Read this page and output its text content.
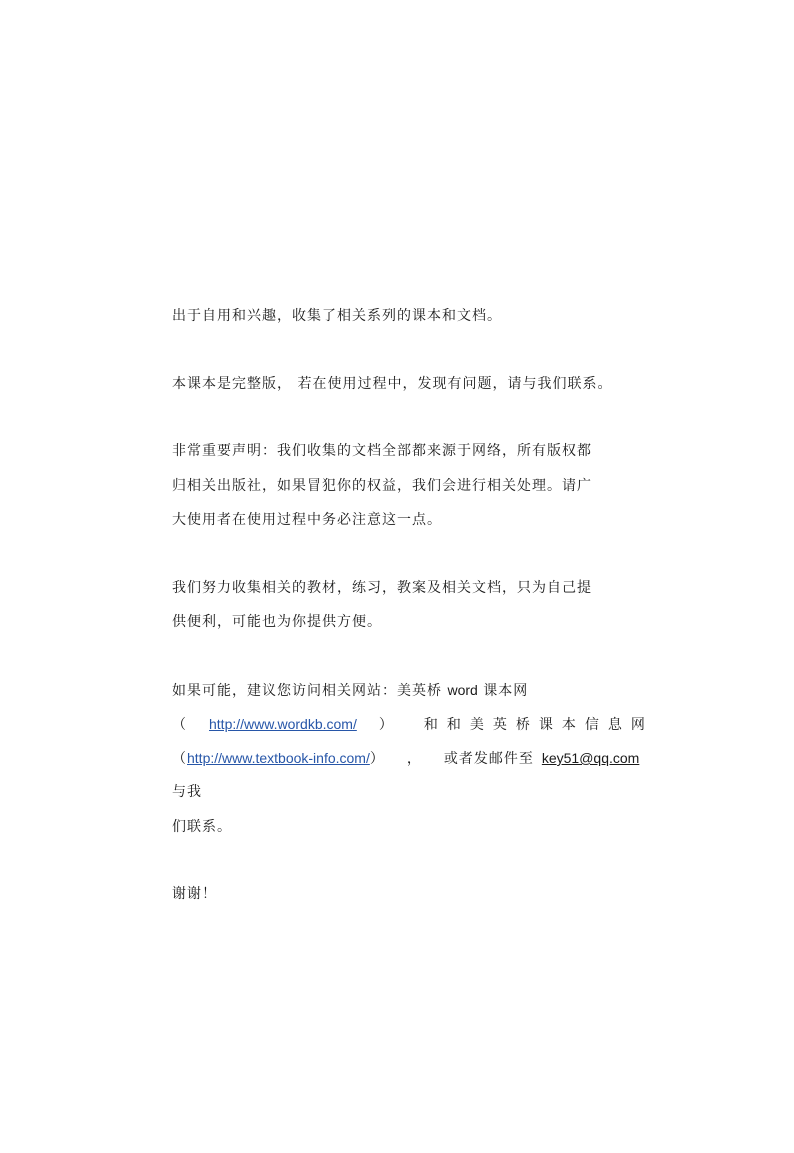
出于自用和兴趣，收集了相关系列的课本和文档。
本课本是完整版， 若在使用过程中，发现有问题，请与我们联系。
非常重要声明：我们收集的文档全部都来源于网络，所有版权都
归相关出版社，如果冒犯你的权益，我们会进行相关处理。请广
大使用者在使用过程中务必注意这一点。
我们努力收集相关的教材，练习，教案及相关文档，只为自己提
供便利，可能也为你提供方便。
如果可能，建议您访问相关网站：美英桥 word 课本网
（ http://www.wordkb.com/ ） 和和美英桥课本信息网
（http://www.textbook-info.com/） ， 或者发邮件至 key51@qq.com
与我
们联系。
谢谢！
